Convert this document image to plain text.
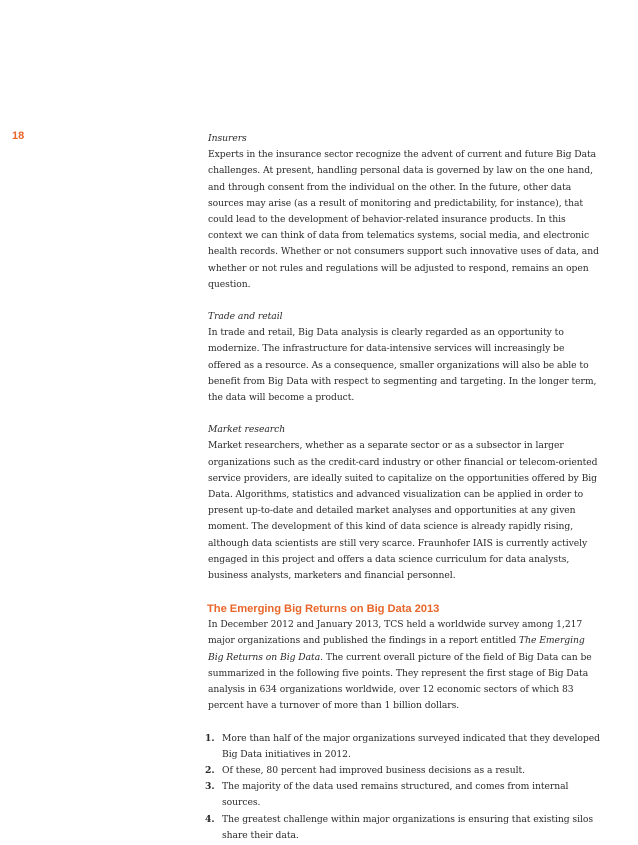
18	Insurers

Experts in the insurance sector recognize the advent of current and future Big Data challenges. At present, handling personal data is governed by law on the one hand, and through consent from the individual on the other. In the future, other data sources may arise (as a result of monitoring and predictability, for instance), that could lead to the development of behavior-related insurance products. In this context we can think of data from telematics systems, social media, and electronic health records. Whether or not consumers support such innovative uses of data, and whether or not rules and regulations will be adjusted to respond, remains an open question.

Trade and retail

In trade and retail, Big Data analysis is clearly regarded as an opportunity to modernize. The infrastructure for data-intensive services will increasingly be offered as a resource. As a consequence, smaller organizations will also be able to benefit from Big Data with respect to segmenting and targeting. In the longer term, the data will become a product.

Market research

Market researchers, whether as a separate sector or as a subsector in larger organizations such as the credit-card industry or other financial or telecom-oriented service providers, are ideally suited to capitalize on the opportunities offered by Big Data. Algorithms, statistics and advanced visualization can be applied in order to present up-to-date and detailed market analyses and opportunities at any given moment. The development of this kind of data science is already rapidly rising, although data scientists are still very scarce. Fraunhofer IAIS is currently actively engaged in this project and offers a data science curriculum for data analysts, business analysts, marketers and financial personnel.

The Emerging Big Returns on Big Data 2013

In December 2012 and January 2013, TCS held a worldwide survey among 1,217 major organizations and published the findings in a report entitled The Emerging Big Returns on Big Data. The current overall picture of the field of Big Data can be summarized in the following five points. They represent the first stage of Big Data analysis in 634 organizations worldwide, over 12 economic sectors of which 83 percent have a turnover of more than 1 billion dollars.

1. More than half of the major organizations surveyed indicated that they developed Big Data initiatives in 2012.
2. Of these, 80 percent had improved business decisions as a result.
3. The majority of the data used remains structured, and comes from internal sources.
4. The greatest challenge within major organizations is ensuring that existing silos share their data.
